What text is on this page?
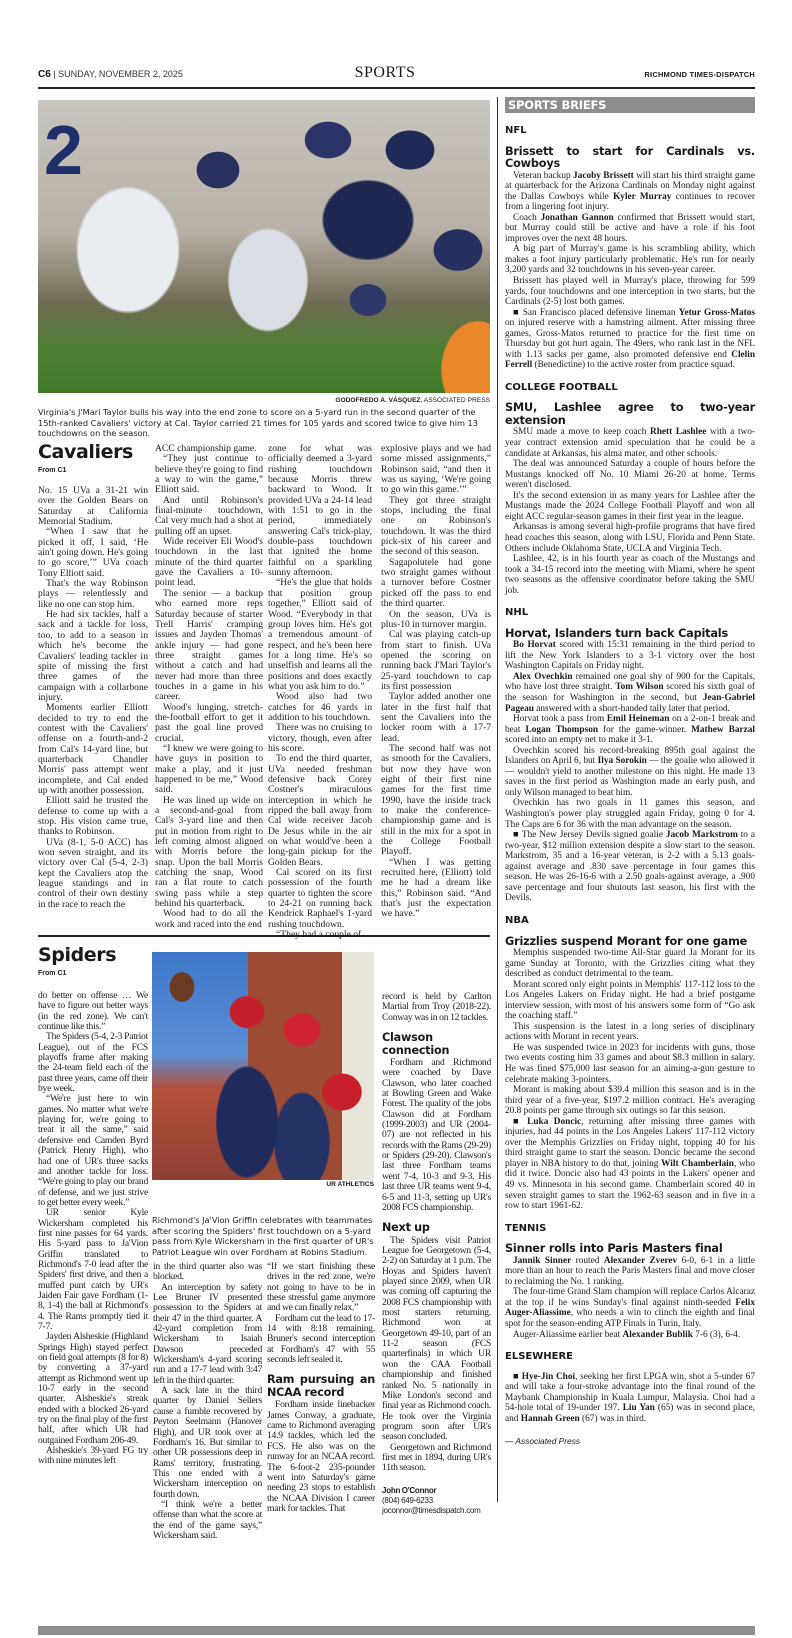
C6 | SUNDAY, NOVEMBER 2, 2025	SPORTS	RICHMOND TIMES-DISPATCH
2
GODOFREDO A. VÁSQUEZ, ASSOCIATED PRESS
Virginia's J'Mari Taylor bulls his way into the end zone to score on a 5-yard run in the second quarter of the 15th-ranked Cavaliers' victory at Cal. Taylor carried 21 times for 105 yards and scored twice to give him 13 touchdowns on the season.
Cavaliers
From C1

No. 15 UVa a 31-21 win over the Golden Bears on Saturday at California Memorial Stadium.

“When I saw that he picked it off, I said, ‘He ain't going down. He's going to go score,’” UVa coach Tony Elliott said.

That's the way Robinson plays — relentlessly and like no one can stop him.

He had six tackles, half a sack and a tackle for loss, too, to add to a season in which he's become the Cavaliers' leading tackler in spite of missing the first three games of the campaign with a collarbone injury.

Moments earlier Elliott decided to try to end the contest with the Cavaliers' offense on a fourth-and-2 from Cal's 14-yard line, but quarterback Chandler Morris' pass attempt went incomplete, and Cal ended up with another possession.

Elliott said he trusted the defense to come up with a stop. His vision came true, thanks to Robinson.

UVa (8-1, 5-0 ACC) has won seven straight, and its victory over Cal (5-4, 2-3) kept the Cavaliers atop the league standings and in control of their own destiny in the race to reach the

ACC championship game.

“They just continue to believe they're going to find a way to win the game,” Elliott said.

And until Robinson's final-minute touchdown, Cal very much had a shot at pulling off an upset.

Wide receiver Eli Wood's touchdown in the last minute of the third quarter gave the Cavaliers a 10-point lead.

The senior — a backup who earned more reps Saturday because of starter Trell Harris' cramping issues and Jayden Thomas' ankle injury — had gone three straight games without a catch and had never had more than three touches in a game in his career.

Wood's lunging, stretch-the-football effort to get it past the goal line proved crucial.

“I knew we were going to have guys in position to make a play, and it just happened to be me,” Wood said.

He was lined up wide on a second-and-goal from Cal's 3-yard line and then put in motion from right to left coming almost aligned with Morris before the snap. Upon the ball Morris catching the snap, Wood ran a flat route to catch swing pass while a step behind his quarterback.

Wood had to do all the work and raced into the end

zone for what was officially deemed a 3-yard rushing touchdown because Morris threw backward to Wood. It provided UVa a 24-14 lead with 1:51 to go in the period, immediately answering Cal's trick-play, double-pass touchdown that ignited the home faithful on a sparkling sunny afternoon.

“He's the glue that holds that position group together,” Elliott said of Wood. “Everybody in that group loves him. He's got a tremendous amount of respect, and he's been here for a long time. He's so unselfish and learns all the positions and does exactly what you ask him to do.”

Wood also had two catches for 46 yards in addition to his touchdown.

There was no cruising to victory, though, even after his score.

To end the third quarter, UVa needed freshman defensive back Corey Costner's miraculous interception in which he ripped the ball away from Cal wide receiver Jacob De Jesus while in the air on what would've been a long-gain pickup for the Golden Bears.

Cal scored on its first possession of the fourth quarter to tighten the score to 24-21 on running back Kendrick Raphael's 1-yard rushing touchdown.

“They had a couple of

explosive plays and we had some missed assignments,” Robinson said, “and then it was us saying, ‘We're going to go win this game.’”

They got three straight stops, including the final one on Robinson's touchdown. It was the third pick-six of his career and the second of this season.

Sagapolutele had gone two straight games without a turnover before Costner picked off the pass to end the third quarter.

On the season, UVa is plus-10 in turnover margin.

Cal was playing catch-up from start to finish. UVa opened the scoring on running back J'Mari Taylor's 25-yard touchdown to cap its first possession

Taylor added another one later in the first half that sent the Cavaliers into the locker room with a 17-7 lead.

The second half was not as smooth for the Cavaliers, but now they have won eight of their first nine games for the first time 1990, have the inside track to make the conference-championship game and is still in the mix for a spot in the College Football Playoff.

“When I was getting recruited here, (Elliott) told me he had a dream like this,” Robinson said. “And that's just the expectation we have.”

Spiders
From C1
UR ATHLETICS
Richmond's Ja'Vion Griffin celebrates with teammates after scoring the Spiders' first touchdown on a 5-yard pass from Kyle Wickersham in the first quarter of UR's Patriot League win over Fordham at Robins Stadium.

do better on offense … We have to figure out better ways (in the red zone). We can't continue like this.”

The Spiders (5-4, 2-3 Patriot League), out of the FCS playoffs frame after making the 24-team field each of the past three years, came off their bye week.

“We're just here to win games. No matter what we're playing for, we're going to treat it all the same,” said defensive end Camden Byrd (Patrick Henry High), who had one of UR's three sacks and another tackle for loss. “We're going to play our brand of defense, and we just strive to get better every week.”

UR senior Kyle Wickersham completed his first nine passes for 64 yards. His 5-yard pass to Ja'Vion Griffin translated to Richmond's 7-0 lead after the Spiders' first drive, and then a muffed punt catch by UR's Jaiden Fair gave Fordham (1-8, 1-4) the ball at Richmond's 4. The Rams promptly tied it 7-7.

Jayden Alsheskie (Highland Springs High) stayed perfect on field goal attempts (8 for 8) by converting a 37-yard attempt as Richmond went up 10-7 early in the second quarter. Alsheskie's streak ended with a blocked 26-yard try on the final play of the first half, after which UR had outgained Fordham 206-49.

Alsheskie's 39-yard FG try with nine minutes left

in the third quarter also was blocked.

An interception by safety Lee Bruner IV presented possession to the Spiders at their 47 in the third quarter. A 42-yard completion from Wickersham to Isaiah Dawson preceded Wickersham's 4-yard scoring run and a 17-7 lead with 3:47 left in the third quarter.

A sack late in the third quarter by Daniel Sellers cause a fumble recovered by Peyton Seelmann (Hanover High), and UR took over at Fordham's 16. But similar to other UR possessions deep in Rams' territory, frustrating. This one ended with a Wickersham interception on fourth down.

“I think we're a better offense than what the score at the end of the game says,” Wickersham said.

“If we start finishing these drives in the red zone, we're not going to have to be in these stressful game anymore and we can finally relax.”

Fordham cut the lead to 17-14 with 8:18 remaining. Bruner's second interception at Fordham's 47 with 55 seconds left sealed it.

Ram pursuing an NCAA record

Fordham inside linebacker James Conway, a graduate, came to Richmond averaging 14.9 tackles, which led the FCS. He also was on the runway for an NCAA record. The 6-foot-2 235-pounder went into Saturday's game needing 23 stops to establish the NCAA Division I career mark for tackles. That

record is held by Carlton Martial from Troy (2018-22). Conway was in on 12 tackles.

Clawson connection

Fordham and Richmond were coached by Dave Clawson, who later coached at Bowling Green and Wake Forest. The quality of the jobs Clawson did at Fordham (1999-2003) and UR (2004-07) are not reflected in his records with the Rams (29-29) or Spiders (29-20). Clawson's last three Fordham teams went 7-4, 10-3 and 9-3. His last three UR teams went 9-4, 6-5 and 11-3, setting up UR's 2008 FCS championship.

Next up

The Spiders visit Patriot League foe Georgetown (5-4, 2-2) on Saturday at 1 p.m. The Hoyas and Spiders haven't played since 2009, when UR was coming off capturing the 2008 FCS championship with most starters returning. Richmond won at Georgetown 49-10, part of an 11-2 season (FCS quarterfinals) in which UR won the CAA Football championship and finished ranked No. 5 nationally in Mike London's second and final year as Richmond coach. He took over the Virginia program soon after UR's season concluded.

Georgetown and Richmond first met in 1894, during UR's 11th season.

John O'Connor

(804) 649-6233

joconnor@timesdispatch.com

SPORTS BRIEFS
NFL
Brissett to start for Cardinals vs. Cowboys

Veteran backup Jacoby Brissett will start his third straight game at quarterback for the Arizona Cardinals on Monday night against the Dallas Cowboys while Kyler Murray continues to recover from a lingering foot injury.

Coach Jonathan Gannon confirmed that Brissett would start, but Murray could still be active and have a role if his foot improves over the next 48 hours.

A big part of Murray's game is his scrambling ability, which makes a foot injury particularly problematic. He's run for nearly 3,200 yards and 32 touchdowns in his seven-year career.

Brissett has played well in Murray's place, throwing for 599 yards, four touchdowns and one interception in two starts, but the Cardinals (2-5) lost both games.

■ San Francisco placed defensive lineman Yetur Gross-Matos on injured reserve with a hamstring ailment. After missing three games, Gross-Matos returned to practice for the first time on Thursday but got hurt again. The 49ers, who rank last in the NFL with 1.13 sacks per game, also promoted defensive end Clelin Ferrell (Benedictine) to the active roster from practice squad.

COLLEGE FOOTBALL
SMU, Lashlee agree to two-year extension

SMU made a move to keep coach Rhett Lashlee with a two-year contract extension amid speculation that he could be a candidate at Arkansas, his alma mater, and other schools.

The deal was announced Saturday a couple of hours before the Mustangs knocked off No. 10 Miami 26-20 at home. Terms weren't disclosed.

It's the second extension in as many years for Lashlee after the Mustangs made the 2024 College Football Playoff and won all eight ACC regular-season games in their first year in the league.

Arkansas is among several high-profile programs that have fired head coaches this season, along with LSU, Florida and Penn State. Others include Oklahoma State, UCLA and Virginia Tech.

Lashlee, 42, is in his fourth year as coach of the Mustangs and took a 34-15 record into the meeting with Miami, where he spent two seasons as the offensive coordinator before taking the SMU job.

NHL
Horvat, Islanders turn back Capitals

Bo Horvat scored with 15:31 remaining in the third period to lift the New York Islanders to a 3-1 victory over the host Washington Capitals on Friday night.

Alex Ovechkin remained one goal shy of 900 for the Capitals, who have lost three straight. Tom Wilson scored his sixth goal of the season for Washington in the second, but Jean-Gabriel Pageau answered with a short-handed tally later that period.

Horvat took a pass from Emil Heineman on a 2-on-1 break and beat Logan Thompson for the game-winner. Mathew Barzal scored into an empty net to make it 3-1.

Ovechkin scored his record-breaking 895th goal against the Islanders on April 6, but Ilya Sorokin — the goalie who allowed it — wouldn't yield to another milestone on this night. He made 13 saves in the first period as Washington made an early push, and only Wilson managed to beat him.

Ovechkin has two goals in 11 games this season, and Washington's power play struggled again Friday, going 0 for 4. The Caps are 6 for 36 with the man advantage on the season.

■ The New Jersey Devils signed goalie Jacob Markstrom to a two-year, $12 million extension despite a slow start to the season. Markstrom, 35 and a 16-year veteran, is 2-2 with a 5.13 goals-against average and .830 save percentage in four games this season. He was 26-16-6 with a 2.50 goals-against average, a .900 save percentage and four shutouts last season, his first with the Devils.

NBA
Grizzlies suspend Morant for one game

Memphis suspended two-time All-Star guard Ja Morant for its game Sunday at Toronto, with the Grizzlies citing what they described as conduct detrimental to the team.

Morant scored only eight points in Memphis' 117-112 loss to the Los Angeles Lakers on Friday night. He had a brief postgame interview session, with most of his answers some form of “Go ask the coaching staff.”

This suspension is the latest in a long series of disciplinary actions with Morant in recent years.

He was suspended twice in 2023 for incidents with guns, those two events costing him 33 games and about $8.3 million in salary. He was fined $75,000 last season for an aiming-a-gun gesture to celebrate making 3-pointers.

Morant is making about $39.4 million this season and is in the third year of a five-year, $197.2 million contract. He's averaging 20.8 points per game through six outings so far this season.

■ Luka Doncic, returning after missing three games with injuries, had 44 points in the Los Angeles Lakers' 117-112 victory over the Memphis Grizzlies on Friday night, topping 40 for his third straight game to start the season. Doncic became the second player in NBA history to do that, joining Wilt Chamberlain, who did it twice. Doncic also had 43 points in the Lakers' opener and 49 vs. Minnesota in his second game. Chamberlain scored 40 in seven straight games to start the 1962-63 season and in five in a row to start 1961-62.

TENNIS
Sinner rolls into Paris Masters final

Jannik Sinner routed Alexander Zverev 6-0, 6-1 in a little more than an hour to reach the Paris Masters final and move closer to reclaiming the No. 1 ranking.

The four-time Grand Slam champion will replace Carlos Alcaraz at the top if he wins Sunday's final against ninth-seeded Felix Auger-Aliassime, who needs a win to clinch the eighth and final spot for the season-ending ATP Finals in Turin, Italy.

Auger-Aliassime earlier beat Alexander Bublik 7-6 (3), 6-4.

ELSEWHERE

■ Hye-Jin Choi, seeking her first LPGA win, shot a 5-under 67 and will take a four-stroke advantage into the final round of the Maybank Championship in Kuala Lumpur, Malaysia. Choi had a 54-hole total of 19-under 197. Liu Yan (65) was in second place, and Hannah Green (67) was in third.

— Associated Press
